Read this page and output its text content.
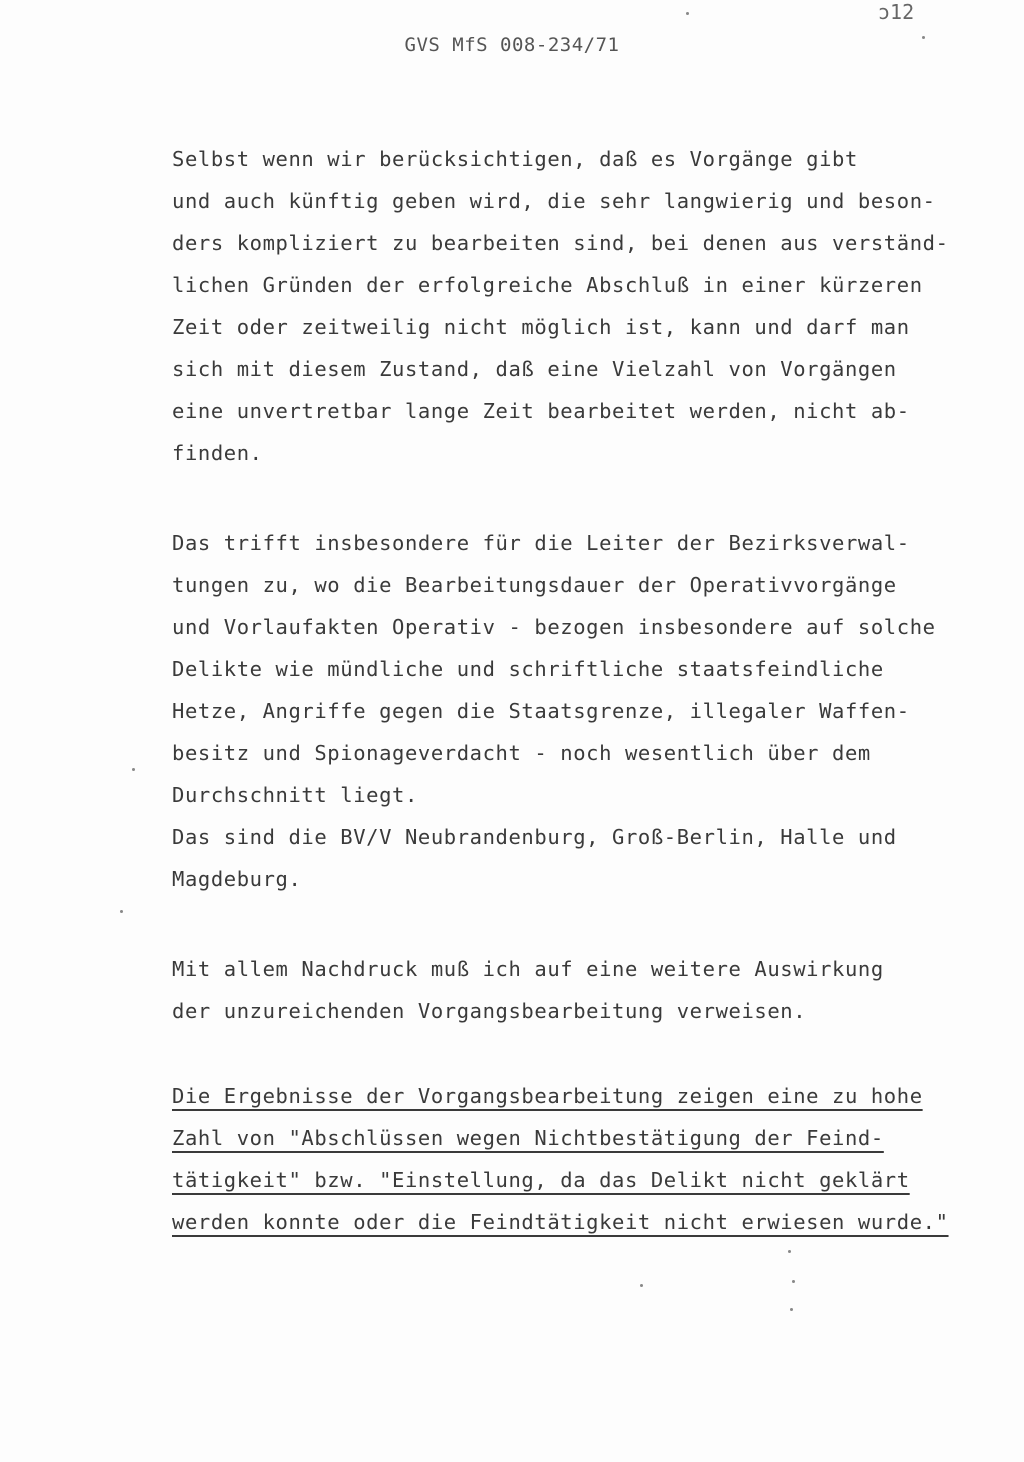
GVS MfS 008-234/71
ɔ12
Selbst wenn wir berücksichtigen, daß es Vorgänge gibt
und auch künftig geben wird, die sehr langwierig und beson-
ders kompliziert zu bearbeiten sind, bei denen aus verständ-
lichen Gründen der erfolgreiche Abschluß in einer kürzeren
Zeit oder zeitweilig nicht möglich ist, kann und darf man
sich mit diesem Zustand, daß eine Vielzahl von Vorgängen
eine unvertretbar lange Zeit bearbeitet werden, nicht ab-
finden.
Das trifft insbesondere für die Leiter der Bezirksverwal-
tungen zu, wo die Bearbeitungsdauer der Operativvorgänge
und Vorlaufakten Operativ - bezogen insbesondere auf solche
Delikte wie mündliche und schriftliche staatsfeindliche
Hetze, Angriffe gegen die Staatsgrenze, illegaler Waffen-
besitz und Spionageverdacht - noch wesentlich über dem
Durchschnitt liegt.
Das sind die BV/V Neubrandenburg, Groß-Berlin, Halle und
Magdeburg.
Mit allem Nachdruck muß ich auf eine weitere Auswirkung
der unzureichenden Vorgangsbearbeitung verweisen.
Die Ergebnisse der Vorgangsbearbeitung zeigen eine zu hohe
Zahl von "Abschlüssen wegen Nichtbestätigung der Feind-
tätigkeit" bzw. "Einstellung, da das Delikt nicht geklärt
werden konnte oder die Feindtätigkeit nicht erwiesen wurde."
